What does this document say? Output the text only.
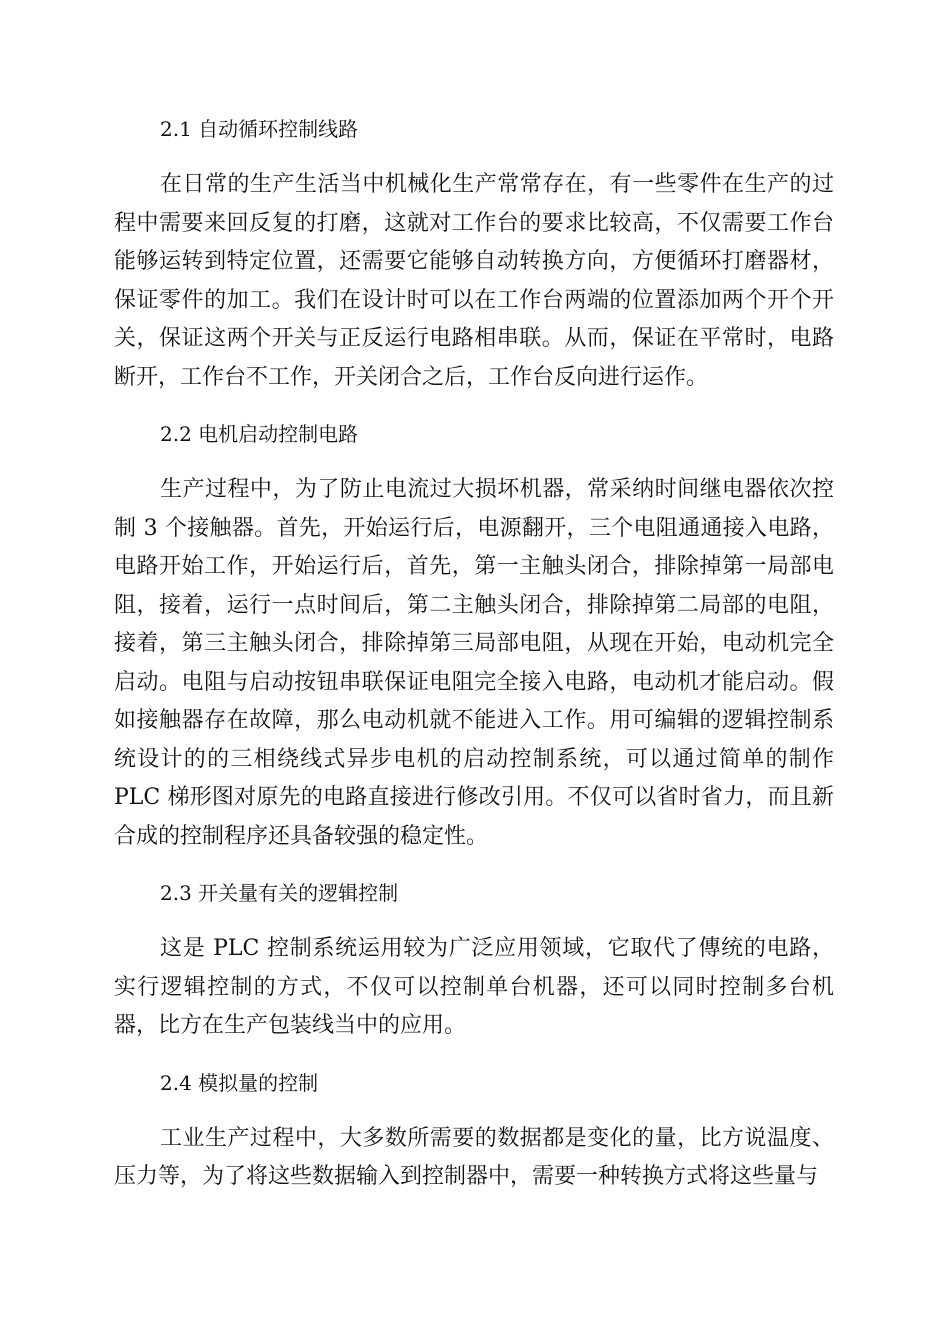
2.1 自动循环控制线路

在日常的生产生活当中机械化生产常常存在，有一些零件在生产的过程中需要来回反复的打磨，这就对工作台的要求比较高，不仅需要工作台能够运转到特定位置，还需要它能够自动转换方向，方便循环打磨器材，保证零件的加工。我们在设计时可以在工作台两端的位置添加两个开个开关，保证这两个开关与正反运行电路相串联。从而，保证在平常时，电路断开，工作台不工作，开关闭合之后，工作台反向进行运作。

2.2 电机启动控制电路

生产过程中，为了防止电流过大损坏机器，常采纳时间继电器依次控制 3 个接触器。首先，开始运行后，电源翻开，三个电阻通通接入电路，电路开始工作，开始运行后，首先，第一主触头闭合，排除掉第一局部电阻，接着，运行一点时间后，第二主触头闭合，排除掉第二局部的电阻，接着，第三主触头闭合，排除掉第三局部电阻，从现在开始，电动机完全启动。电阻与启动按钮串联保证电阻完全接入电路，电动机才能启动。假如接触器存在故障，那么电动机就不能进入工作。用可编辑的逻辑控制系统设计的的三相绕线式异步电机的启动控制系统，可以通过简单的制作 PLC 梯形图对原先的电路直接进行修改引用。不仅可以省时省力，而且新合成的控制程序还具备较强的稳定性。

2.3 开关量有关的逻辑控制

这是 PLC 控制系统运用较为广泛应用领域，它取代了傳统的电路，实行逻辑控制的方式，不仅可以控制单台机器，还可以同时控制多台机器，比方在生产包装线当中的应用。

2.4 模拟量的控制

工业生产过程中，大多数所需要的数据都是变化的量，比方说温度、压力等，为了将这些数据输入到控制器中，需要一种转换方式将这些量与
